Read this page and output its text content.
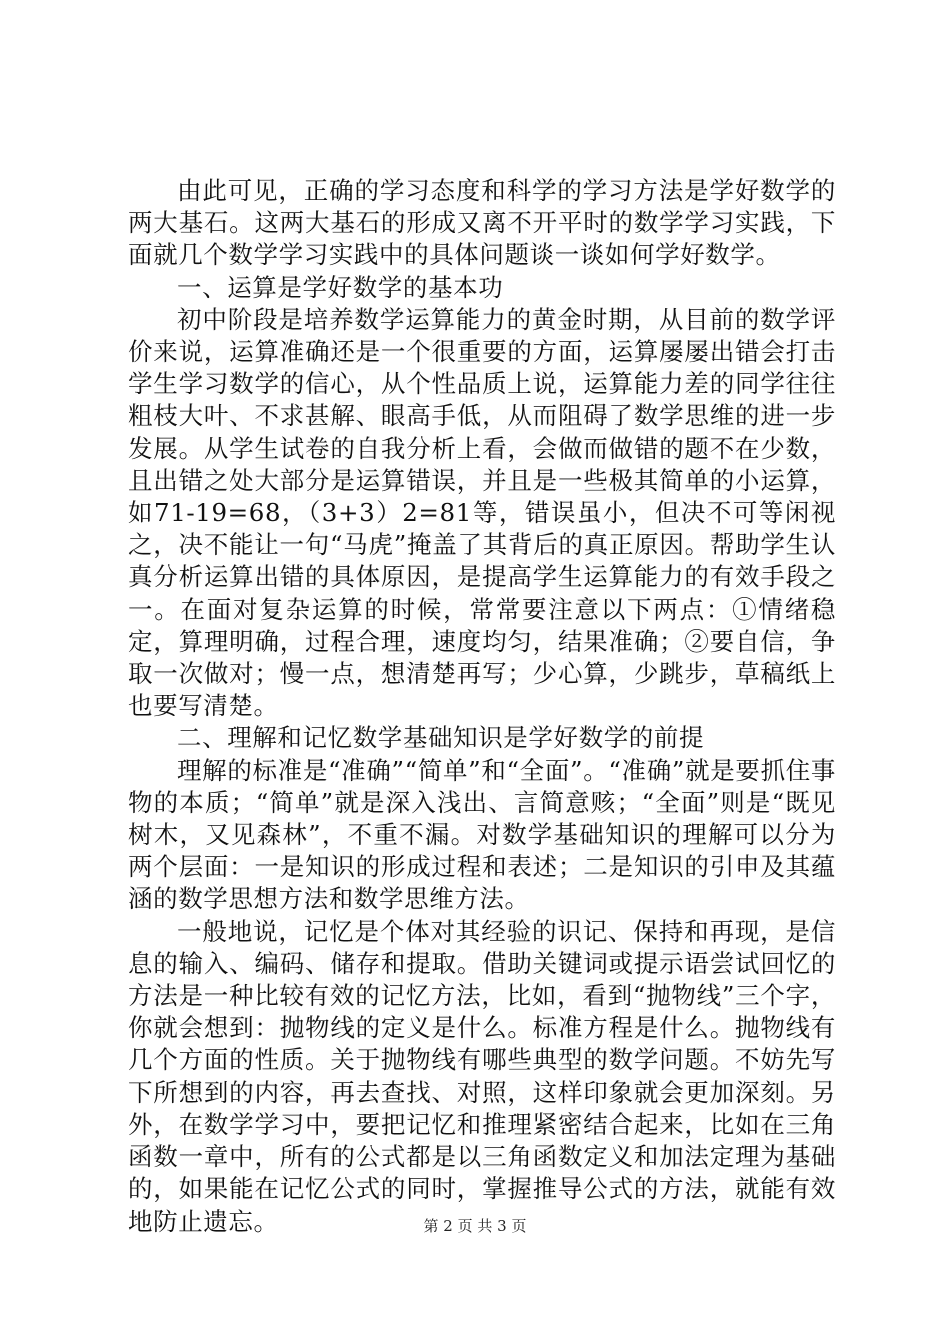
由此可见，正确的学习态度和科学的学习方法是学好数学的两大基石。这两大基石的形成又离不开平时的数学学习实践，下面就几个数学学习实践中的具体问题谈一谈如何学好数学。

一、运算是学好数学的基本功

初中阶段是培养数学运算能力的黄金时期，从目前的数学评价来说，运算准确还是一个很重要的方面，运算屡屡出错会打击学生学习数学的信心，从个性品质上说，运算能力差的同学往往粗枝大叶、不求甚解、眼高手低，从而阻碍了数学思维的进一步发展。从学生试卷的自我分析上看，会做而做错的题不在少数，且出错之处大部分是运算错误，并且是一些极其简单的小运算，如71-19=68，（3+3）2=81等，错误虽小，但决不可等闲视之，决不能让一句“马虎”掩盖了其背后的真正原因。帮助学生认真分析运算出错的具体原因，是提高学生运算能力的有效手段之一。在面对复杂运算的时候，常常要注意以下两点：①情绪稳定，算理明确，过程合理，速度均匀，结果准确；②要自信，争取一次做对；慢一点，想清楚再写；少心算，少跳步，草稿纸上也要写清楚。

二、理解和记忆数学基础知识是学好数学的前提

理解的标准是“准确”“简单”和“全面”。“准确”就是要抓住事物的本质；“简单”就是深入浅出、言简意赅；“全面”则是“既见树木，又见森林”，不重不漏。对数学基础知识的理解可以分为两个层面：一是知识的形成过程和表述；二是知识的引申及其蕴涵的数学思想方法和数学思维方法。

一般地说，记忆是个体对其经验的识记、保持和再现，是信息的输入、编码、储存和提取。借助关键词或提示语尝试回忆的方法是一种比较有效的记忆方法，比如，看到“抛物线”三个字，你就会想到：抛物线的定义是什么。标准方程是什么。抛物线有几个方面的性质。关于抛物线有哪些典型的数学问题。不妨先写下所想到的内容，再去查找、对照，这样印象就会更加深刻。另外，在数学学习中，要把记忆和推理紧密结合起来，比如在三角函数一章中，所有的公式都是以三角函数定义和加法定理为基础的，如果能在记忆公式的同时，掌握推导公式的方法，就能有效地防止遗忘。	第 2 页 共 3 页
